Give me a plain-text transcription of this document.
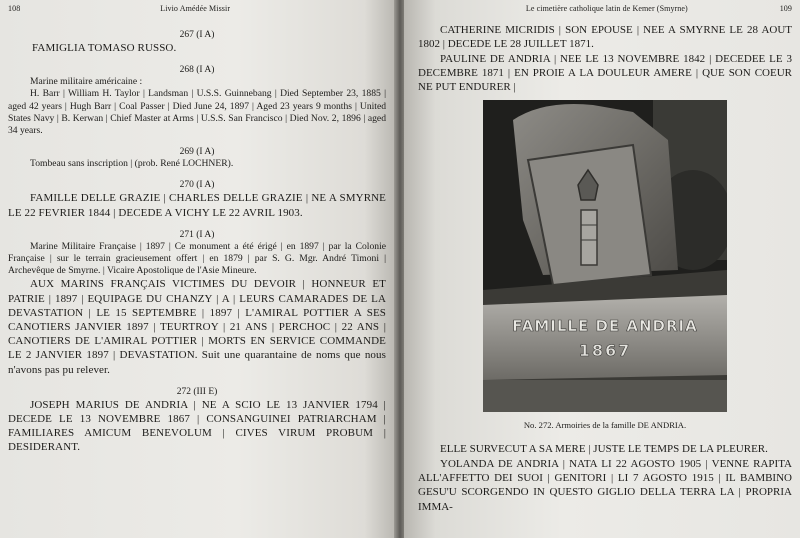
108	Livio Amédée Missir
267 (I A)

FAMIGLIA TOMASO RUSSO.

268 (I A)

Marine militaire américaine :

H. Barr | William H. Taylor | Landsman | U.S.S. Guinnebang | Died September 23, 1885 | aged 42 years | Hugh Barr | Coal Passer | Died June 24, 1897 | Aged 23 years 9 months | United States Navy | B. Kerwan | Chief Master at Arms | U.S.S. San Francisco | Died Nov. 2, 1896 | aged 34 years.

269 (I A)

Tombeau sans inscription | (prob. René LOCHNER).

270 (I A)

FAMILLE DELLE GRAZIE | CHARLES DELLE GRAZIE | NE A SMYRNE LE 22 FEVRIER 1844 | DECEDE A VICHY LE 22 AVRIL 1903.

271 (I A)

Marine Militaire Française | 1897 | Ce monument a été érigé | en 1897 | par la Colonie Française | sur le terrain gracieusement offert | en 1879 | par S. G. Mgr. André Timoni | Archevêque de Smyrne. | Vicaire Apostolique de l'Asie Mineure.

AUX MARINS FRANÇAIS VICTIMES DU DEVOIR | HONNEUR ET PATRIE | 1897 | EQUIPAGE DU CHANZY | A | LEURS CAMARADES DE LA DEVASTATION | LE 15 SEPTEMBRE | 1897 | L'AMIRAL POTTIER A SES CANOTIERS JANVIER 1897 | TEURTROY | 21 ANS | PERCHOC | 22 ANS | CANOTIERS DE L'AMIRAL POTTIER | MORTS EN SERVICE COMMANDE LE 2 JANVIER 1897 | DEVASTATION. Suit une quarantaine de noms que nous n'avons pas pu relever.

272 (III E)

JOSEPH MARIUS DE ANDRIA | NE A SCIO LE 13 JANVIER 1794 | DECEDE LE 13 NOVEMBRE 1867 | CONSANGUINEI PATRIARCHAM | FAMILIARES AMICUM BENEVOLUM | CIVES VIRUM PROBUM | DESIDERANT.

Le cimetière catholique latin de Kemer (Smyrne)	109

CATHERINE MICRIDIS | SON EPOUSE | NEE A SMYRNE LE 28 AOUT 1802 | DECEDE LE 28 JUILLET 1871.

PAULINE DE ANDRIA | NEE LE 13 NOVEMBRE 1842 | DECEDEE LE 3 DECEMBRE 1871 | EN PROIE A LA DOULEUR AMERE | QUE SON COEUR NE PUT ENDURER |

FAMILLE DE ANDRIA
1867
No. 272. Armoiries de la famille DE ANDRIA.

ELLE SURVECUT A SA MERE | JUSTE LE TEMPS DE LA PLEURER.

YOLANDA DE ANDRIA | NATA LI 22 AGOSTO 1905 | VENNE RAPITA ALL'AFFETTO DEI SUOI | GENITORI | LI 7 AGOSTO 1915 | IL BAMBINO GESU'U SCORGENDO IN QUESTO GIGLIO DELLA TERRA LA | PROPRIA IMMA-
